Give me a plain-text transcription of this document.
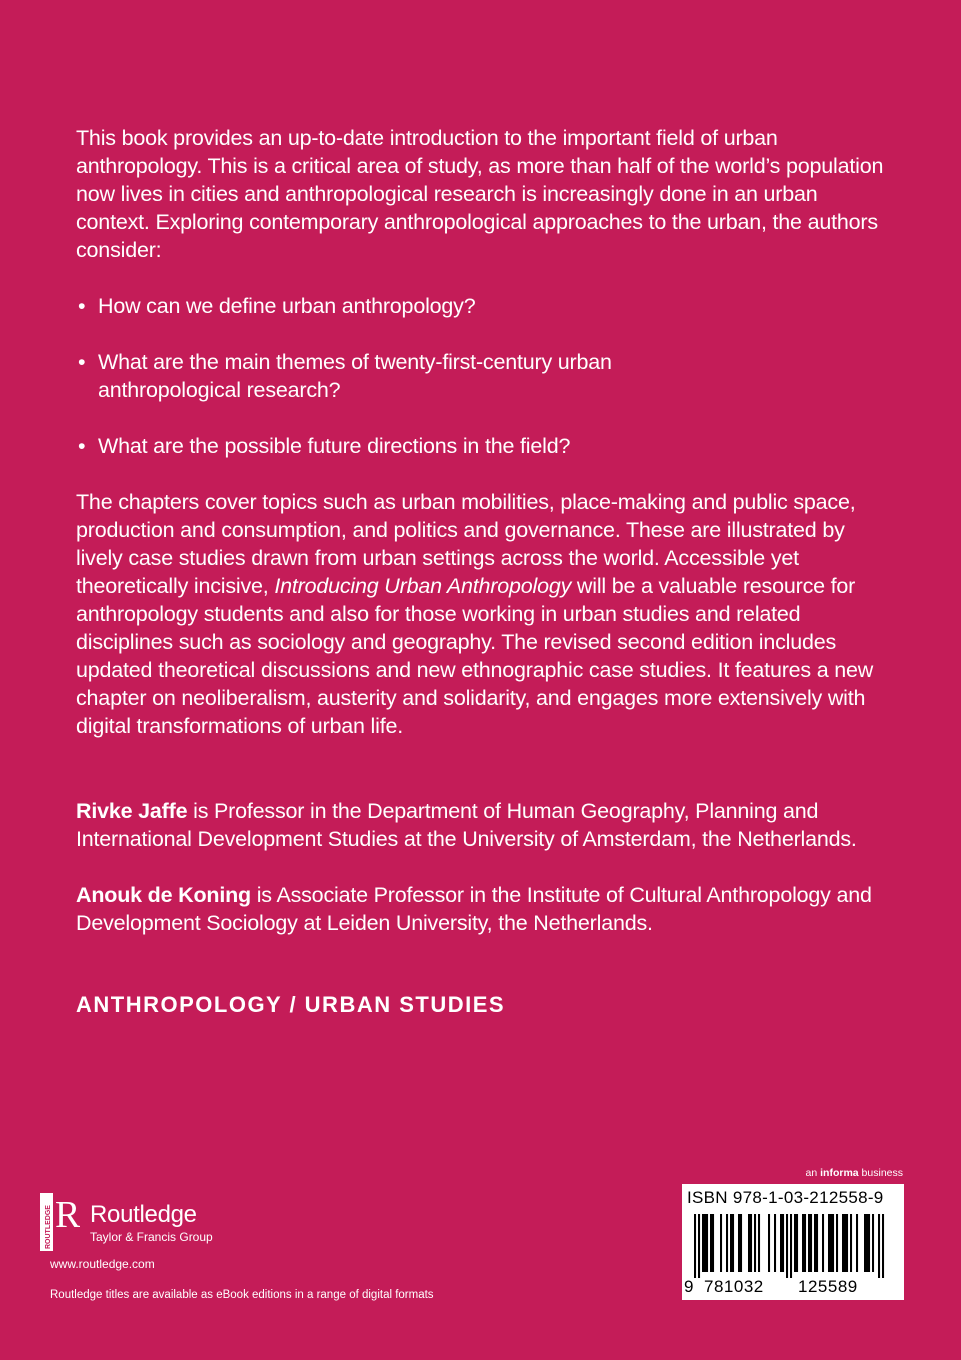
This book provides an up-to-date introduction to the important field of urban anthropology. This is a critical area of study, as more than half of the world’s population now lives in cities and anthropological research is increasingly done in an urban context. Exploring contemporary anthropological approaches to the urban, the authors consider:

• How can we define urban anthropology?
• What are the main themes of twenty-first-century urban anthropological research?
• What are the possible future directions in the field?

The chapters cover topics such as urban mobilities, place-making and public space, production and consumption, and politics and governance. These are illustrated by lively case studies drawn from urban settings across the world. Accessible yet theoretically incisive, Introducing Urban Anthropology will be a valuable resource for anthropology students and also for those working in urban studies and related disciplines such as sociology and geography. The revised second edition includes updated theoretical discussions and new ethnographic case studies. It features a new chapter on neoliberalism, austerity and solidarity, and engages more extensively with digital transformations of urban life.

Rivke Jaffe is Professor in the Department of Human Geography, Planning and International Development Studies at the University of Amsterdam, the Netherlands.

Anouk de Koning is Associate Professor in the Institute of Cultural Anthropology and Development Sociology at Leiden University, the Netherlands.

ANTHROPOLOGY / URBAN STUDIES
ROUTLEDGE R Routledge
Taylor & Francis Group
www.routledge.com
Routledge titles are available as eBook editions in a range of digital formats
an informa business
ISBN 978-1-03-212558-9
9 781032 125589
